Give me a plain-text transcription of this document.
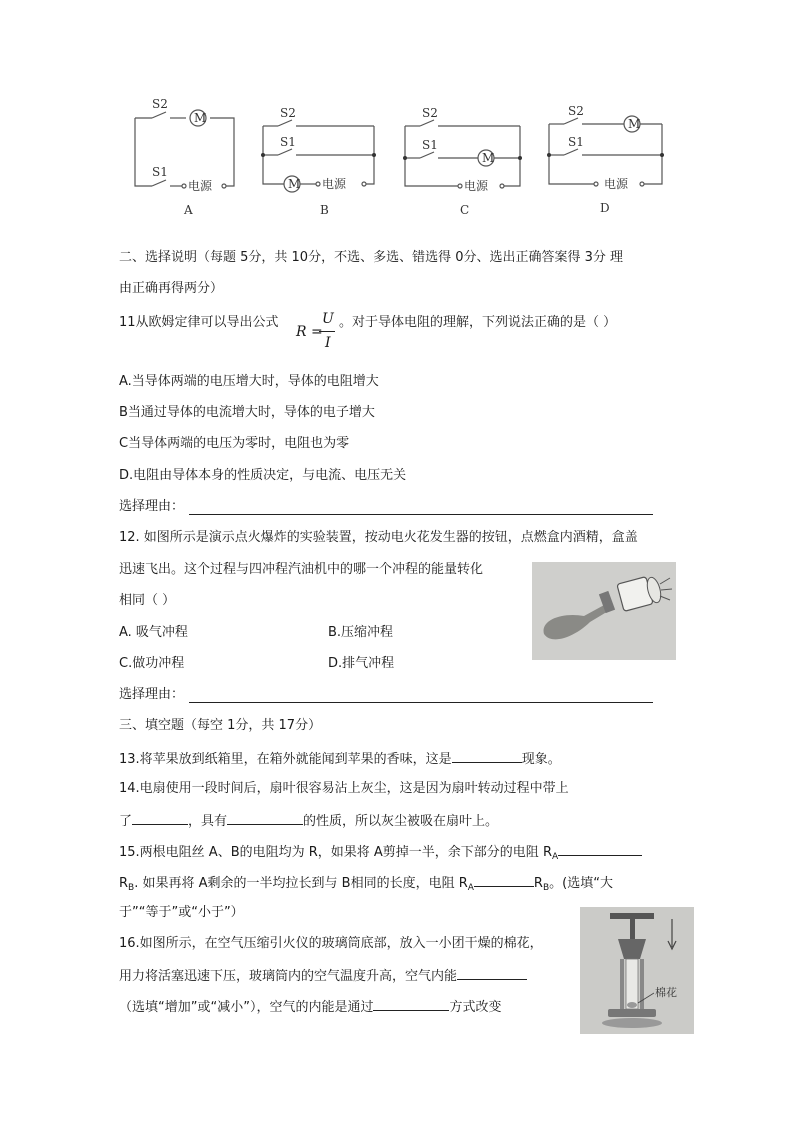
M
S2
S1
电源
A
M
S2
S1
电源
B
M
S2
S1
电源
C
M
S2
S1
电源
D
二、选择说明（每题 5分，共 10分，不选、多选、错选得 0分、选出正确答案得 3分 理
由正确再得两分）
11从欧姆定律可以导出公式
R =
U
I
。对于导体电阻的理解，下列说法正确的是（ ）
A.当导体两端的电压增大时，导体的电阻增大
B当通过导体的电流增大时，导体的电子增大
C当导体两端的电压为零时，电阻也为零
D.电阻由导体本身的性质决定，与电流、电压无关
选择理由：
12. 如图所示是演示点火爆炸的实验装置，按动电火花发生器的按钮，点燃盒内酒精，盒盖
迅速飞出。这个过程与四冲程汽油机中的哪一个冲程的能量转化
相同（ ）
A. 吸气冲程	B.压缩冲程
C.做功冲程	D.排气冲程
选择理由：
三、填空题（每空 1分，共 17分）
13.将苹果放到纸箱里，在箱外就能闻到苹果的香味，这是	现象。
14.电扇使用一段时间后，扇叶很容易沾上灰尘，这是因为扇叶转动过程中带上
了	，具有	的性质，所以灰尘被吸在扇叶上。
15.两根电阻丝 A、B的电阻均为 R，如果将 A剪掉一半，余下部分的电阻 $R_A$
$R_B$. 如果再将 A剩余的一半均拉长到与 B相同的长度，电阻 $R_A$	$R_B$。(选填“大
于”“等于”或“小于”）
16.如图所示，在空气压缩引火仪的玻璃筒底部，放入一小团干燥的棉花，
用力将活塞迅速下压，玻璃筒内的空气温度升高，空气内能
（选填“增加”或“减小”），空气的内能是通过	方式改变
棉花
